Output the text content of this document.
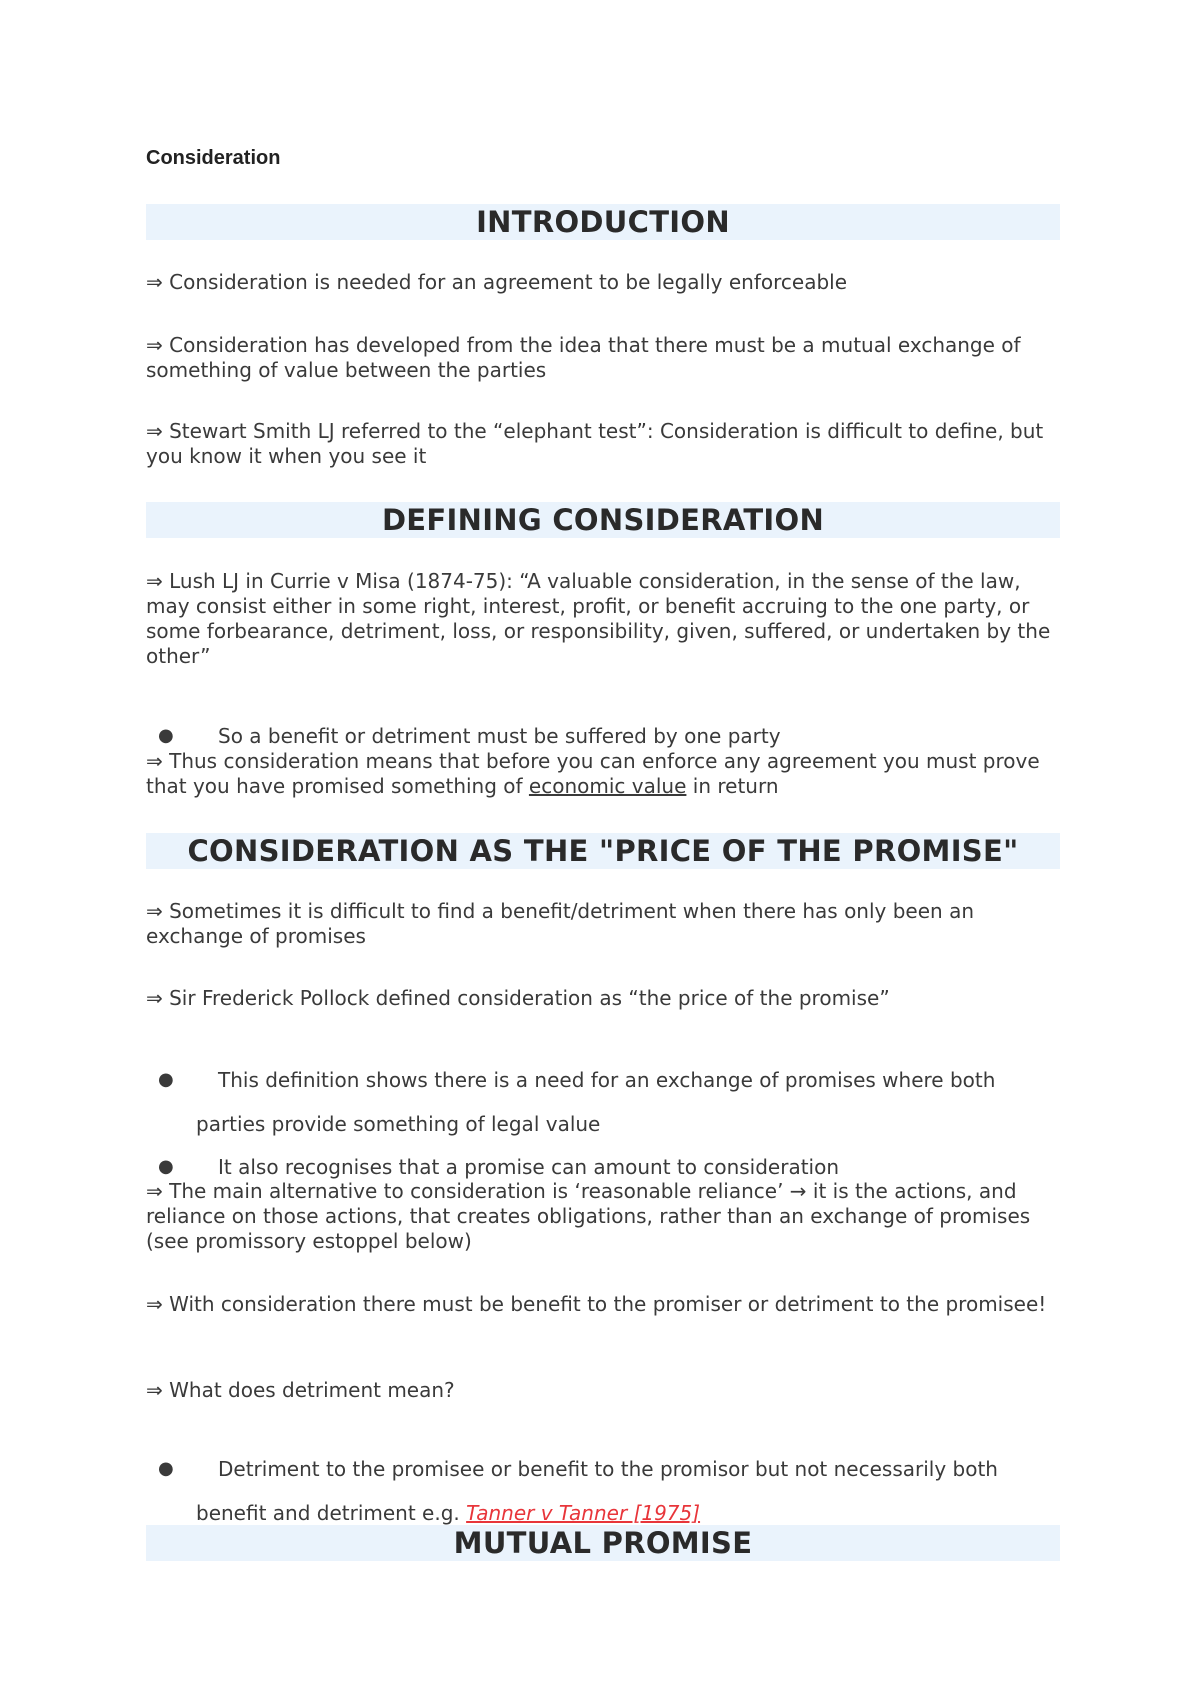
Consideration
INTRODUCTION
⇒ Consideration is needed for an agreement to be legally enforceable
⇒ Consideration has developed from the idea that there must be a mutual exchange of something of value between the parties
⇒ Stewart Smith LJ referred to the “elephant test”: Consideration is difficult to define, but you know it when you see it
DEFINING CONSIDERATION
⇒ Lush LJ in Currie v Misa (1874-75): “A valuable consideration, in the sense of the law, may consist either in some right, interest, profit, or benefit accruing to the one party, or some forbearance, detriment, loss, or responsibility, given, suffered, or undertaken by the other”
●	So a benefit or detriment must be suffered by one party
⇒ Thus consideration means that before you can enforce any agreement you must prove that you have promised something of economic value in return
CONSIDERATION AS THE "PRICE OF THE PROMISE"
⇒ Sometimes it is difficult to find a benefit/detriment when there has only been an exchange of promises
⇒ Sir Frederick Pollock defined consideration as “the price of the promise”
●	This definition shows there is a need for an exchange of promises where both
parties provide something of legal value
●	It also recognises that a promise can amount to consideration
⇒ The main alternative to consideration is ‘reasonable reliance’ → it is the actions, and reliance on those actions, that creates obligations, rather than an exchange of promises (see promissory estoppel below)
⇒ With consideration there must be benefit to the promiser or detriment to the promisee!
⇒ What does detriment mean?
●	Detriment to the promisee or benefit to the promisor but not necessarily both
benefit and detriment e.g. Tanner v Tanner [1975]
MUTUAL PROMISE
